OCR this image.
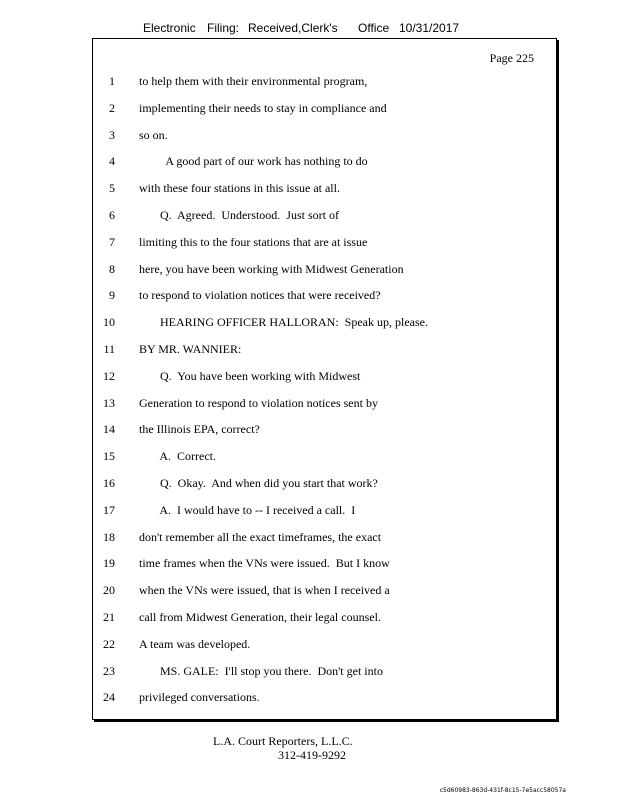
Electronic Filing: Received,Clerk's Office 10/31/2017
Page 225
1 to help them with their environmental program,
2 implementing their needs to stay in compliance and
3 so on.
4 A good part of our work has nothing to do
5 with these four stations in this issue at all.
6 Q.  Agreed.  Understood.  Just sort of
7 limiting this to the four stations that are at issue
8 here, you have been working with Midwest Generation
9 to respond to violation notices that were received?
10 HEARING OFFICER HALLORAN:  Speak up, please.
11 BY MR. WANNIER:
12 Q.  You have been working with Midwest
13 Generation to respond to violation notices sent by
14 the Illinois EPA, correct?
15 A.  Correct.
16 Q.  Okay.  And when did you start that work?
17 A.  I would have to -- I received a call.  I
18 don't remember all the exact timeframes, the exact
19 time frames when the VNs were issued.  But I know
20 when the VNs were issued, that is when I received a
21 call from Midwest Generation, their legal counsel.
22 A team was developed.
23 MS. GALE:  I'll stop you there.  Don't get into
24 privileged conversations.
L.A. Court Reporters, L.L.C.
312-419-9292
c5d60983-863d-431f-8c15-7e5acc58057a
